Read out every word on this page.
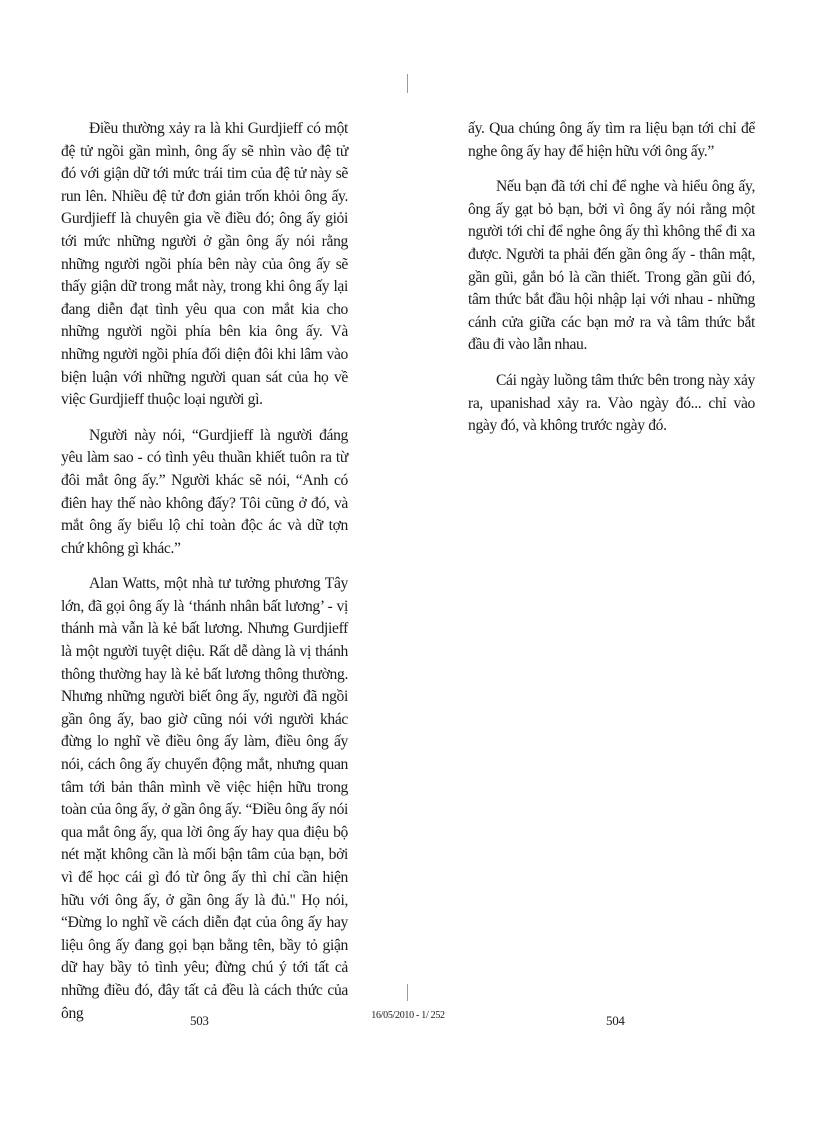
Điều thường xảy ra là khi Gurdjieff có một đệ tử ngồi gần mình, ông ấy sẽ nhìn vào đệ tử đó với giận dữ tới mức trái tim của đệ tử này sẽ run lên. Nhiều đệ tử đơn giản trốn khỏi ông ấy. Gurdjieff là chuyên gia về điều đó; ông ấy giỏi tới mức những người ở gần ông ấy nói rằng những người ngồi phía bên này của ông ấy sẽ thấy giận dữ trong mắt này, trong khi ông ấy lại đang diễn đạt tình yêu qua con mắt kia cho những người ngồi phía bên kia ông ấy. Và những người ngồi phía đối diện đôi khi lâm vào biện luận với những người quan sát của họ về việc Gurdjieff thuộc loại người gì.

Người này nói, “Gurdjieff là người đáng yêu làm sao - có tình yêu thuần khiết tuôn ra từ đôi mắt ông ấy.” Người khác sẽ nói, “Anh có điên hay thế nào không đấy? Tôi cũng ở đó, và mắt ông ấy biểu lộ chỉ toàn độc ác và dữ tợn chứ không gì khác.”

Alan Watts, một nhà tư tưởng phương Tây lớn, đã gọi ông ấy là ‘thánh nhân bất lương’ - vị thánh mà vẫn là kẻ bất lương. Nhưng Gurdjieff là một người tuyệt diệu. Rất dễ dàng là vị thánh thông thường hay là kẻ bất lương thông thường. Nhưng những người biết ông ấy, người đã ngồi gần ông ấy, bao giờ cũng nói với người khác đừng lo nghĩ về điều ông ấy làm, điều ông ấy nói, cách ông ấy chuyển động mắt, nhưng quan tâm tới bản thân mình về việc hiện hữu trong toàn của ông ấy, ở gần ông ấy. “Điều ông ấy nói qua mắt ông ấy, qua lời ông ấy hay qua điệu bộ nét mặt không cần là mối bận tâm của bạn, bởi vì để học cái gì đó từ ông ấy thì chỉ cần hiện hữu với ông ấy, ở gần ông ấy là đủ." Họ nói, “Đừng lo nghĩ về cách diễn đạt của ông ấy hay liệu ông ấy đang gọi bạn bằng tên, bầy tỏ giận dữ hay bầy tỏ tình yêu; đừng chú ý tới tất cả những điều đó, đây tất cả đều là cách thức của ông

ấy. Qua chúng ông ấy tìm ra liệu bạn tới chỉ để nghe ông ấy hay để hiện hữu với ông ấy.”

Nếu bạn đã tới chỉ để nghe và hiểu ông ấy, ông ấy gạt bỏ bạn, bởi vì ông ấy nói rằng một người tới chỉ để nghe ông ấy thì không thể đi xa được. Người ta phải đến gần ông ấy - thân mật, gần gũi, gắn bó là cần thiết. Trong gần gũi đó, tâm thức bắt đầu hội nhập lại với nhau - những cánh cửa giữa các bạn mở ra và tâm thức bắt đầu đi vào lẫn nhau.

Cái ngày luồng tâm thức bên trong này xảy ra, upanishad xảy ra. Vào ngày đó... chỉ vào ngày đó, và không trước ngày đó.

503	16/05/2010 - 1/ 252	504
